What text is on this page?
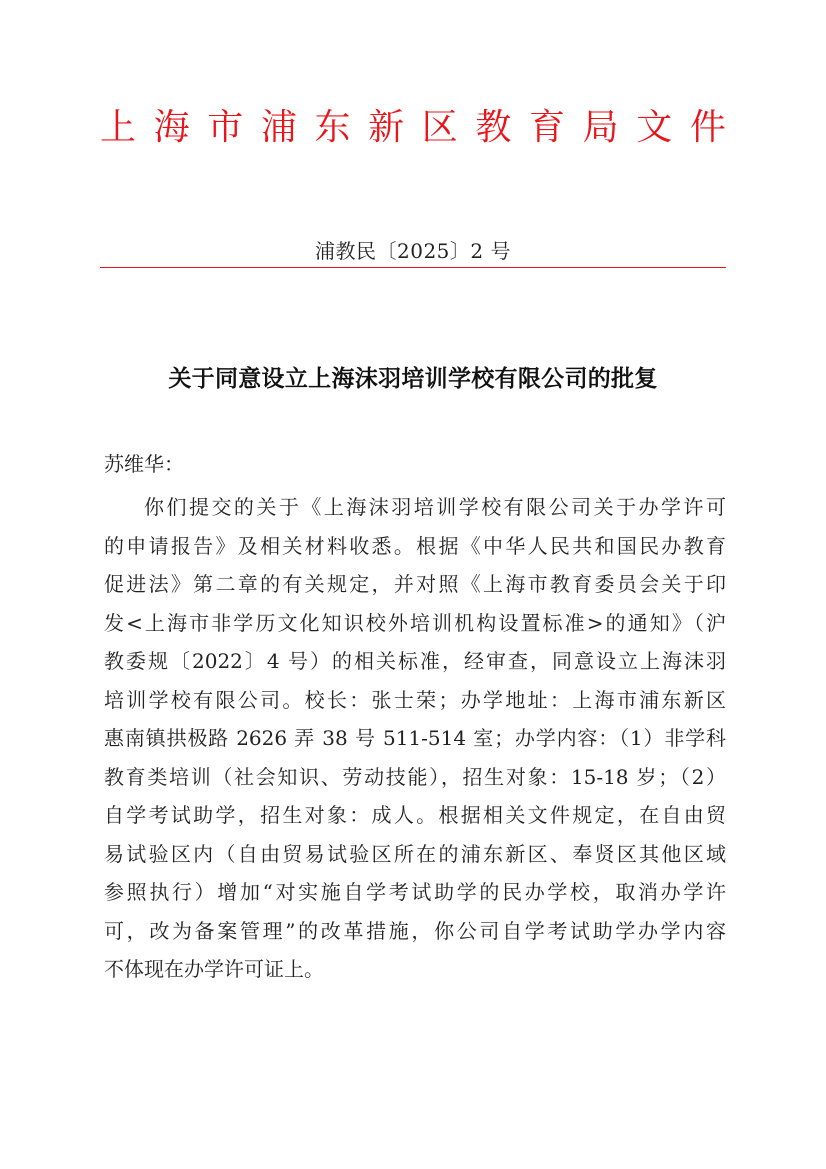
上 海 市 浦 东 新 区 教 育 局 文 件
浦教民〔2025〕2 号
关于同意设立上海沫羽培训学校有限公司的批复
苏维华：
你们提交的关于《上海沫羽培训学校有限公司关于办学许可
的申请报告》及相关材料收悉。根据《中华人民共和国民办教育
促进法》第二章的有关规定，并对照《上海市教育委员会关于印
发<上海市非学历文化知识校外培训机构设置标准>的通知》（沪
教委规〔2022〕4 号）的相关标准，经审查，同意设立上海沫羽
培训学校有限公司。校长：张士荣；办学地址：上海市浦东新区
惠南镇拱极路 2626 弄 38 号 511-514 室；办学内容：（1）非学科
教育类培训（社会知识、劳动技能），招生对象：15-18 岁；（2）
自学考试助学，招生对象：成人。根据相关文件规定，在自由贸
易试验区内（自由贸易试验区所在的浦东新区、奉贤区其他区域
参照执行）增加“对实施自学考试助学的民办学校，取消办学许
可，改为备案管理”的改革措施，你公司自学考试助学办学内容
不体现在办学许可证上。
